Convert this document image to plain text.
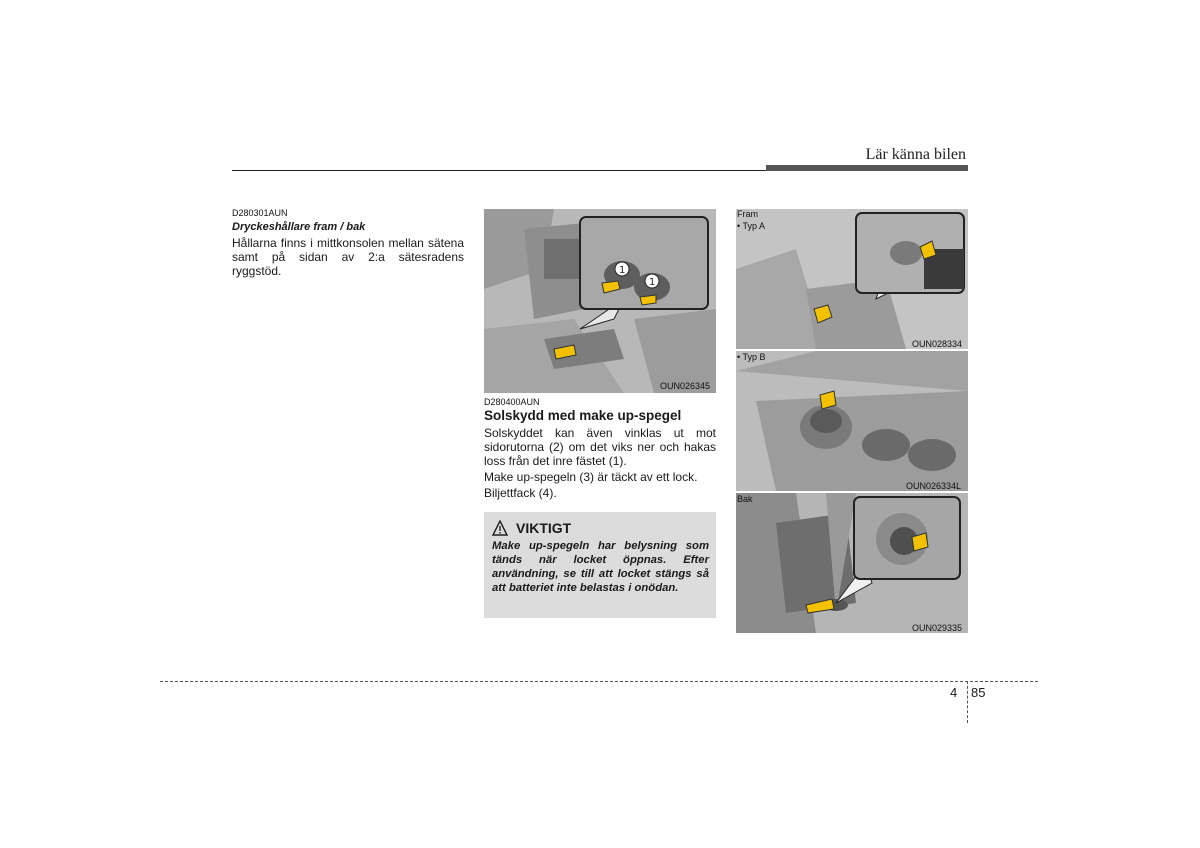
Lär känna bilen
D280301AUN
Dryckeshållare fram / bak
Hållarna finns i mittkonsolen mellan sätena samt på sidan av 2:a sätesradens ryggstöd.	1
1
OUN026345
D280400AUN
Solskydd med make up-spegel
Solskyddet kan även vinklas ut mot sidorutorna (2) om det viks ner och hakas loss från det inre fästet (1).
Make up-spegeln (3) är täckt av ett lock.
Biljettfack (4).
VIKTIGT
Make up-spegeln har belysning som tänds när locket öppnas. Efter användning, se till att locket stängs så att batteriet inte belastas i onödan.
Fram
• Typ A
OUN028334
• Typ B
OUN026334L
Bak
OUN029335
4 85
